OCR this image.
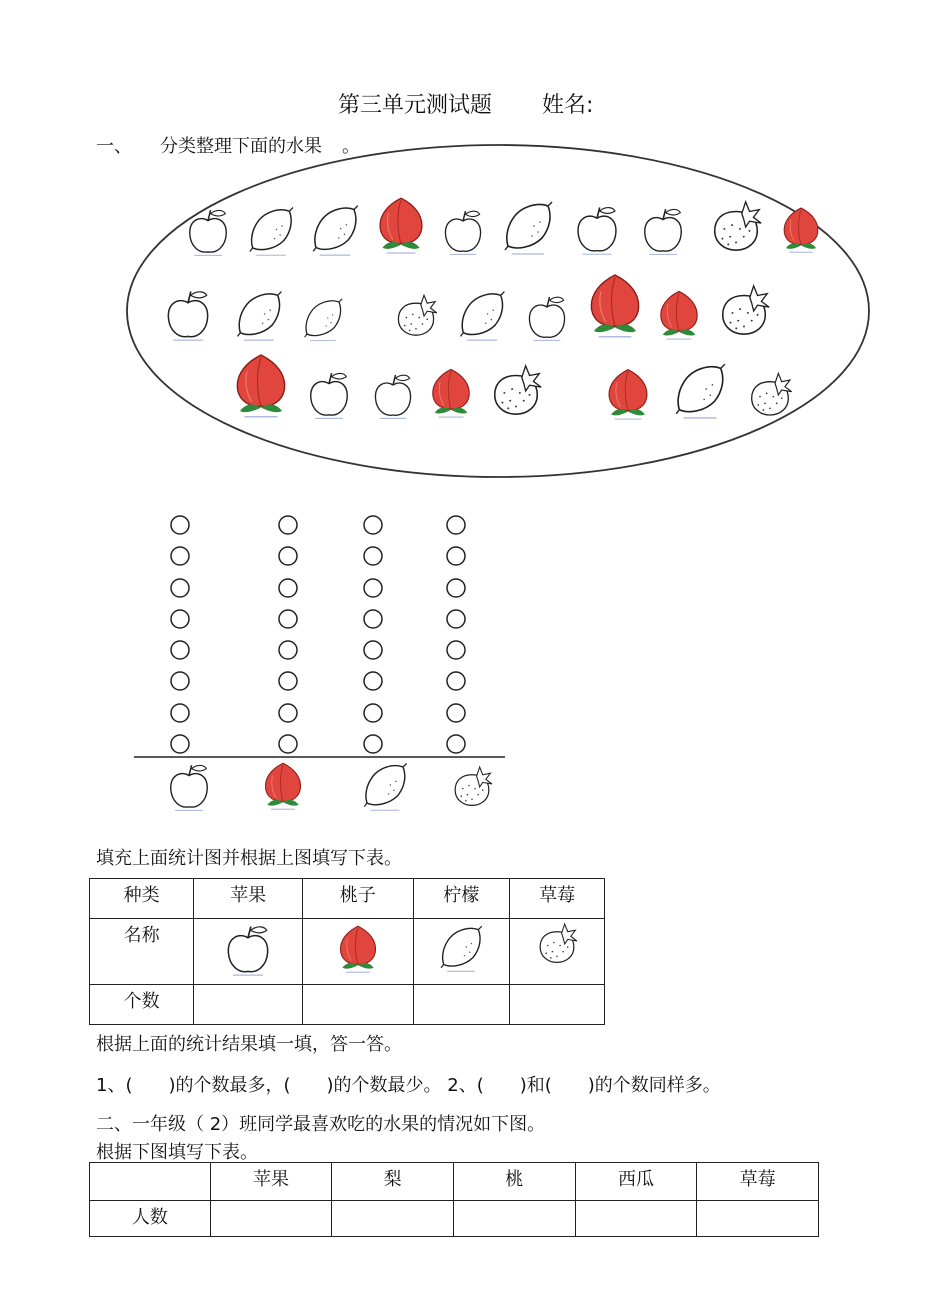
第三单元测试题 姓名:
一、 分类整理下面的水果 。
填充上面统计图并根据上图填写下表。
种类	苹果	桃子	柠檬	草莓
名称	

个数				
根据上面的统计结果填一填，答一答。
1、(　　)的个数最多，(　　)的个数最少。 2、(　　)和(　　)的个数同样多。
二、一年级（ 2）班同学最喜欢吃的水果的情况如下图。
根据下图填写下表。
	苹果	梨	桃	西瓜	草莓
人数					
